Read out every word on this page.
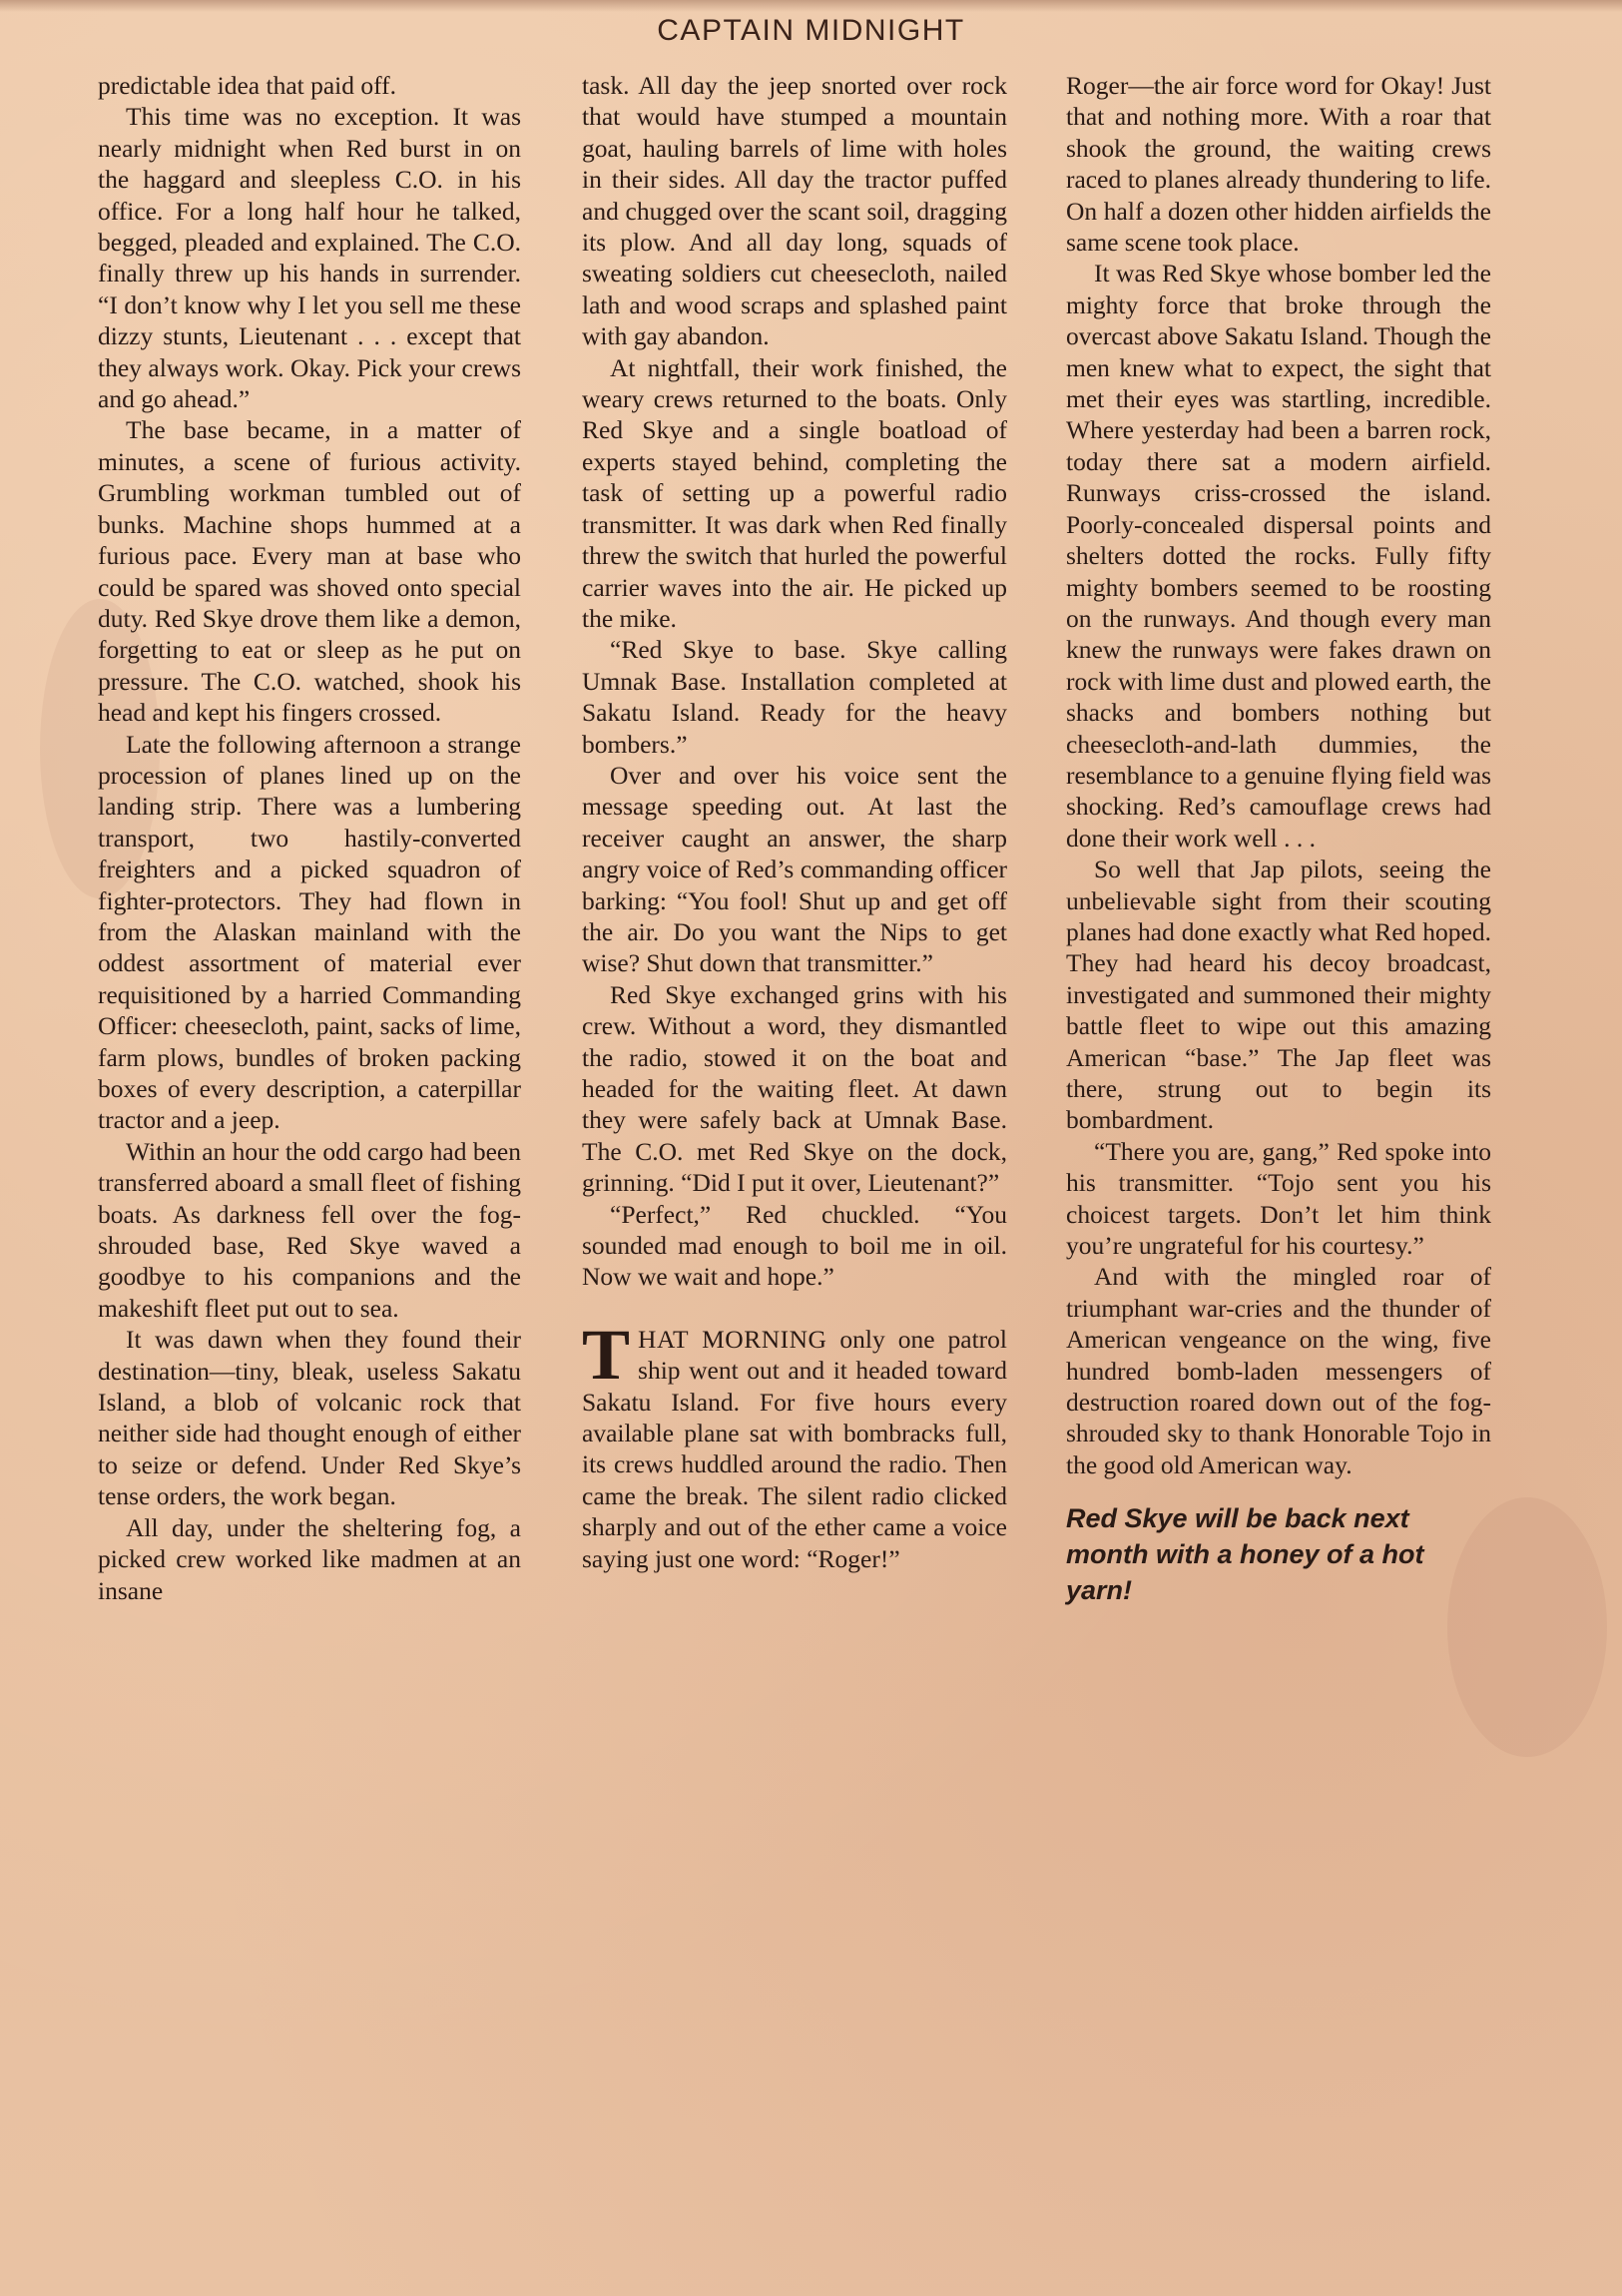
CAPTAIN MIDNIGHT

predictable idea that paid off.

This time was no exception. It was nearly midnight when Red burst in on the haggard and sleepless C.O. in his office. For a long half hour he talked, begged, pleaded and explained. The C.O. finally threw up his hands in surrender. “I don’t know why I let you sell me these dizzy stunts, Lieutenant . . . except that they always work. Okay. Pick your crews and go ahead.”

The base became, in a matter of minutes, a scene of furious activity. Grumbling workman tumbled out of bunks. Machine shops hummed at a furious pace. Every man at base who could be spared was shoved onto special duty. Red Skye drove them like a demon, forgetting to eat or sleep as he put on pressure. The C.O. watched, shook his head and kept his fingers crossed.

Late the following afternoon a strange procession of planes lined up on the landing strip. There was a lumbering transport, two hastily-converted freighters and a picked squadron of fighter-protectors. They had flown in from the Alaskan mainland with the oddest assortment of material ever requisitioned by a harried Commanding Officer: cheesecloth, paint, sacks of lime, farm plows, bundles of broken packing boxes of every description, a caterpillar tractor and a jeep.

Within an hour the odd cargo had been transferred aboard a small fleet of fishing boats. As darkness fell over the fog-shrouded base, Red Skye waved a goodbye to his companions and the makeshift fleet put out to sea.

It was dawn when they found their destination—tiny, bleak, useless Sakatu Island, a blob of volcanic rock that neither side had thought enough of either to seize or defend. Under Red Skye’s tense orders, the work began.

All day, under the sheltering fog, a picked crew worked like madmen at an insane

task. All day the jeep snorted over rock that would have stumped a mountain goat, hauling barrels of lime with holes in their sides. All day the tractor puffed and chugged over the scant soil, dragging its plow. And all day long, squads of sweating soldiers cut cheesecloth, nailed lath and wood scraps and splashed paint with gay abandon.

At nightfall, their work finished, the weary crews returned to the boats. Only Red Skye and a single boatload of experts stayed behind, completing the task of setting up a powerful radio transmitter. It was dark when Red finally threw the switch that hurled the powerful carrier waves into the air. He picked up the mike.

“Red Skye to base. Skye calling Umnak Base. Installation completed at Sakatu Island. Ready for the heavy bombers.”

Over and over his voice sent the message speeding out. At last the receiver caught an answer, the sharp angry voice of Red’s commanding officer barking: “You fool! Shut up and get off the air. Do you want the Nips to get wise? Shut down that transmitter.”

Red Skye exchanged grins with his crew. Without a word, they dismantled the radio, stowed it on the boat and headed for the waiting fleet. At dawn they were safely back at Umnak Base. The C.O. met Red Skye on the dock, grinning. “Did I put it over, Lieutenant?”

“Perfect,” Red chuckled. “You sounded mad enough to boil me in oil. Now we wait and hope.”

THAT MORNING only one patrol ship went out and it headed toward Sakatu Island. For five hours every available plane sat with bombracks full, its crews huddled around the radio. Then came the break. The silent radio clicked sharply and out of the ether came a voice saying just one word: “Roger!”

Roger—the air force word for Okay! Just that and nothing more. With a roar that shook the ground, the waiting crews raced to planes already thundering to life. On half a dozen other hidden airfields the same scene took place.

It was Red Skye whose bomber led the mighty force that broke through the overcast above Sakatu Island. Though the men knew what to expect, the sight that met their eyes was startling, incredible. Where yesterday had been a barren rock, today there sat a modern airfield. Runways criss-crossed the island. Poorly-concealed dispersal points and shelters dotted the rocks. Fully fifty mighty bombers seemed to be roosting on the runways. And though every man knew the runways were fakes drawn on rock with lime dust and plowed earth, the shacks and bombers nothing but cheesecloth-and-lath dummies, the resemblance to a genuine flying field was shocking. Red’s camouflage crews had done their work well . . .

So well that Jap pilots, seeing the unbelievable sight from their scouting planes had done exactly what Red hoped. They had heard his decoy broadcast, investigated and summoned their mighty battle fleet to wipe out this amazing American “base.” The Jap fleet was there, strung out to begin its bombardment.

“There you are, gang,” Red spoke into his transmitter. “Tojo sent you his choicest targets. Don’t let him think you’re ungrateful for his courtesy.”

And with the mingled roar of triumphant war-cries and the thunder of American vengeance on the wing, five hundred bomb-laden messengers of destruction roared down out of the fog-shrouded sky to thank Honorable Tojo in the good old American way.

Red Skye will be back next month with a honey of a hot yarn!
